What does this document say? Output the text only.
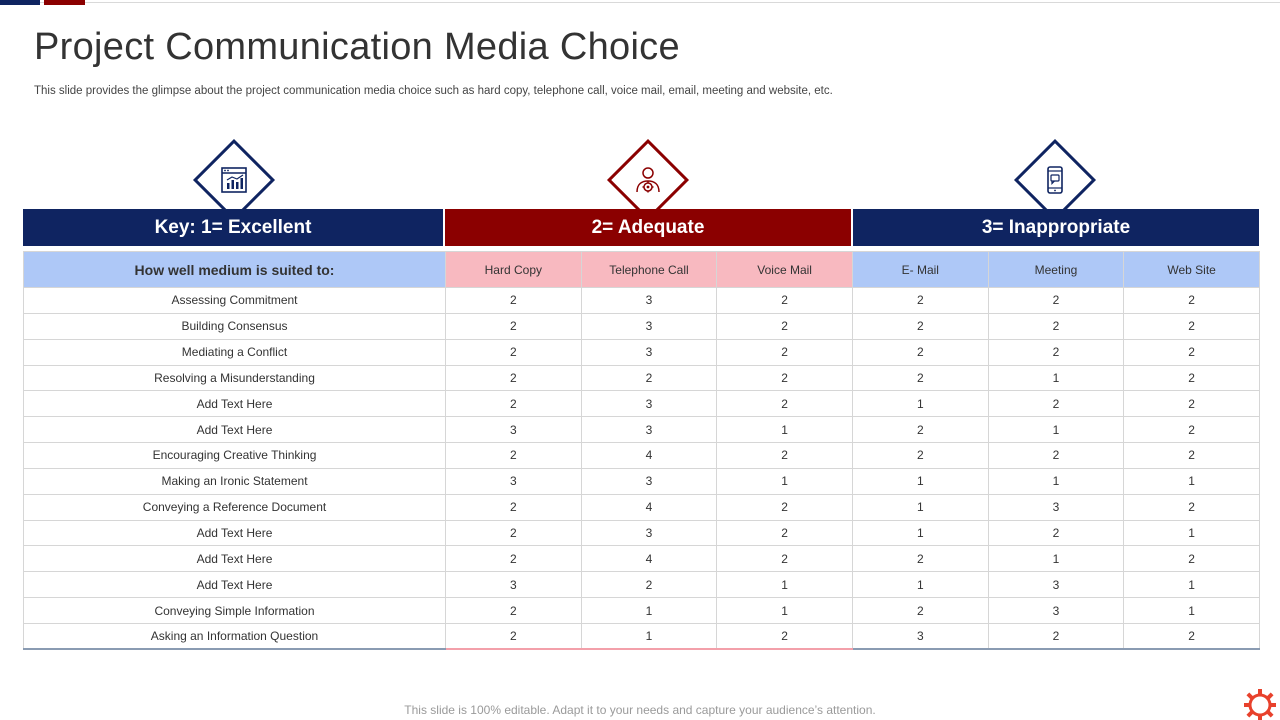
Project Communication Media Choice

This slide provides the glimpse about the project communication media choice such as hard copy, telephone call, voice mail, email, meeting and website, etc.

Key: 1= Excellent	2= Adequate	3= Inappropriate
How well medium is suited to:	Hard Copy	Telephone Call	Voice Mail	E- Mail	Meeting	Web Site
Assessing Commitment	2	3	2	2	2	2
Building Consensus	2	3	2	2	2	2
Mediating a Conflict	2	3	2	2	2	2
Resolving a Misunderstanding	2	2	2	2	1	2
Add Text Here	2	3	2	1	2	2
Add Text Here	3	3	1	2	1	2
Encouraging Creative Thinking	2	4	2	2	2	2
Making an Ironic Statement	3	3	1	1	1	1
Conveying a Reference Document	2	4	2	1	3	2
Add Text Here	2	3	2	1	2	1
Add Text Here	2	4	2	2	1	2
Add Text Here	3	2	1	1	3	1
Conveying Simple Information	2	1	1	2	3	1
Asking an Information Question	2	1	2	3	2	2
This slide is 100% editable. Adapt it to your needs and capture your audience’s attention.
